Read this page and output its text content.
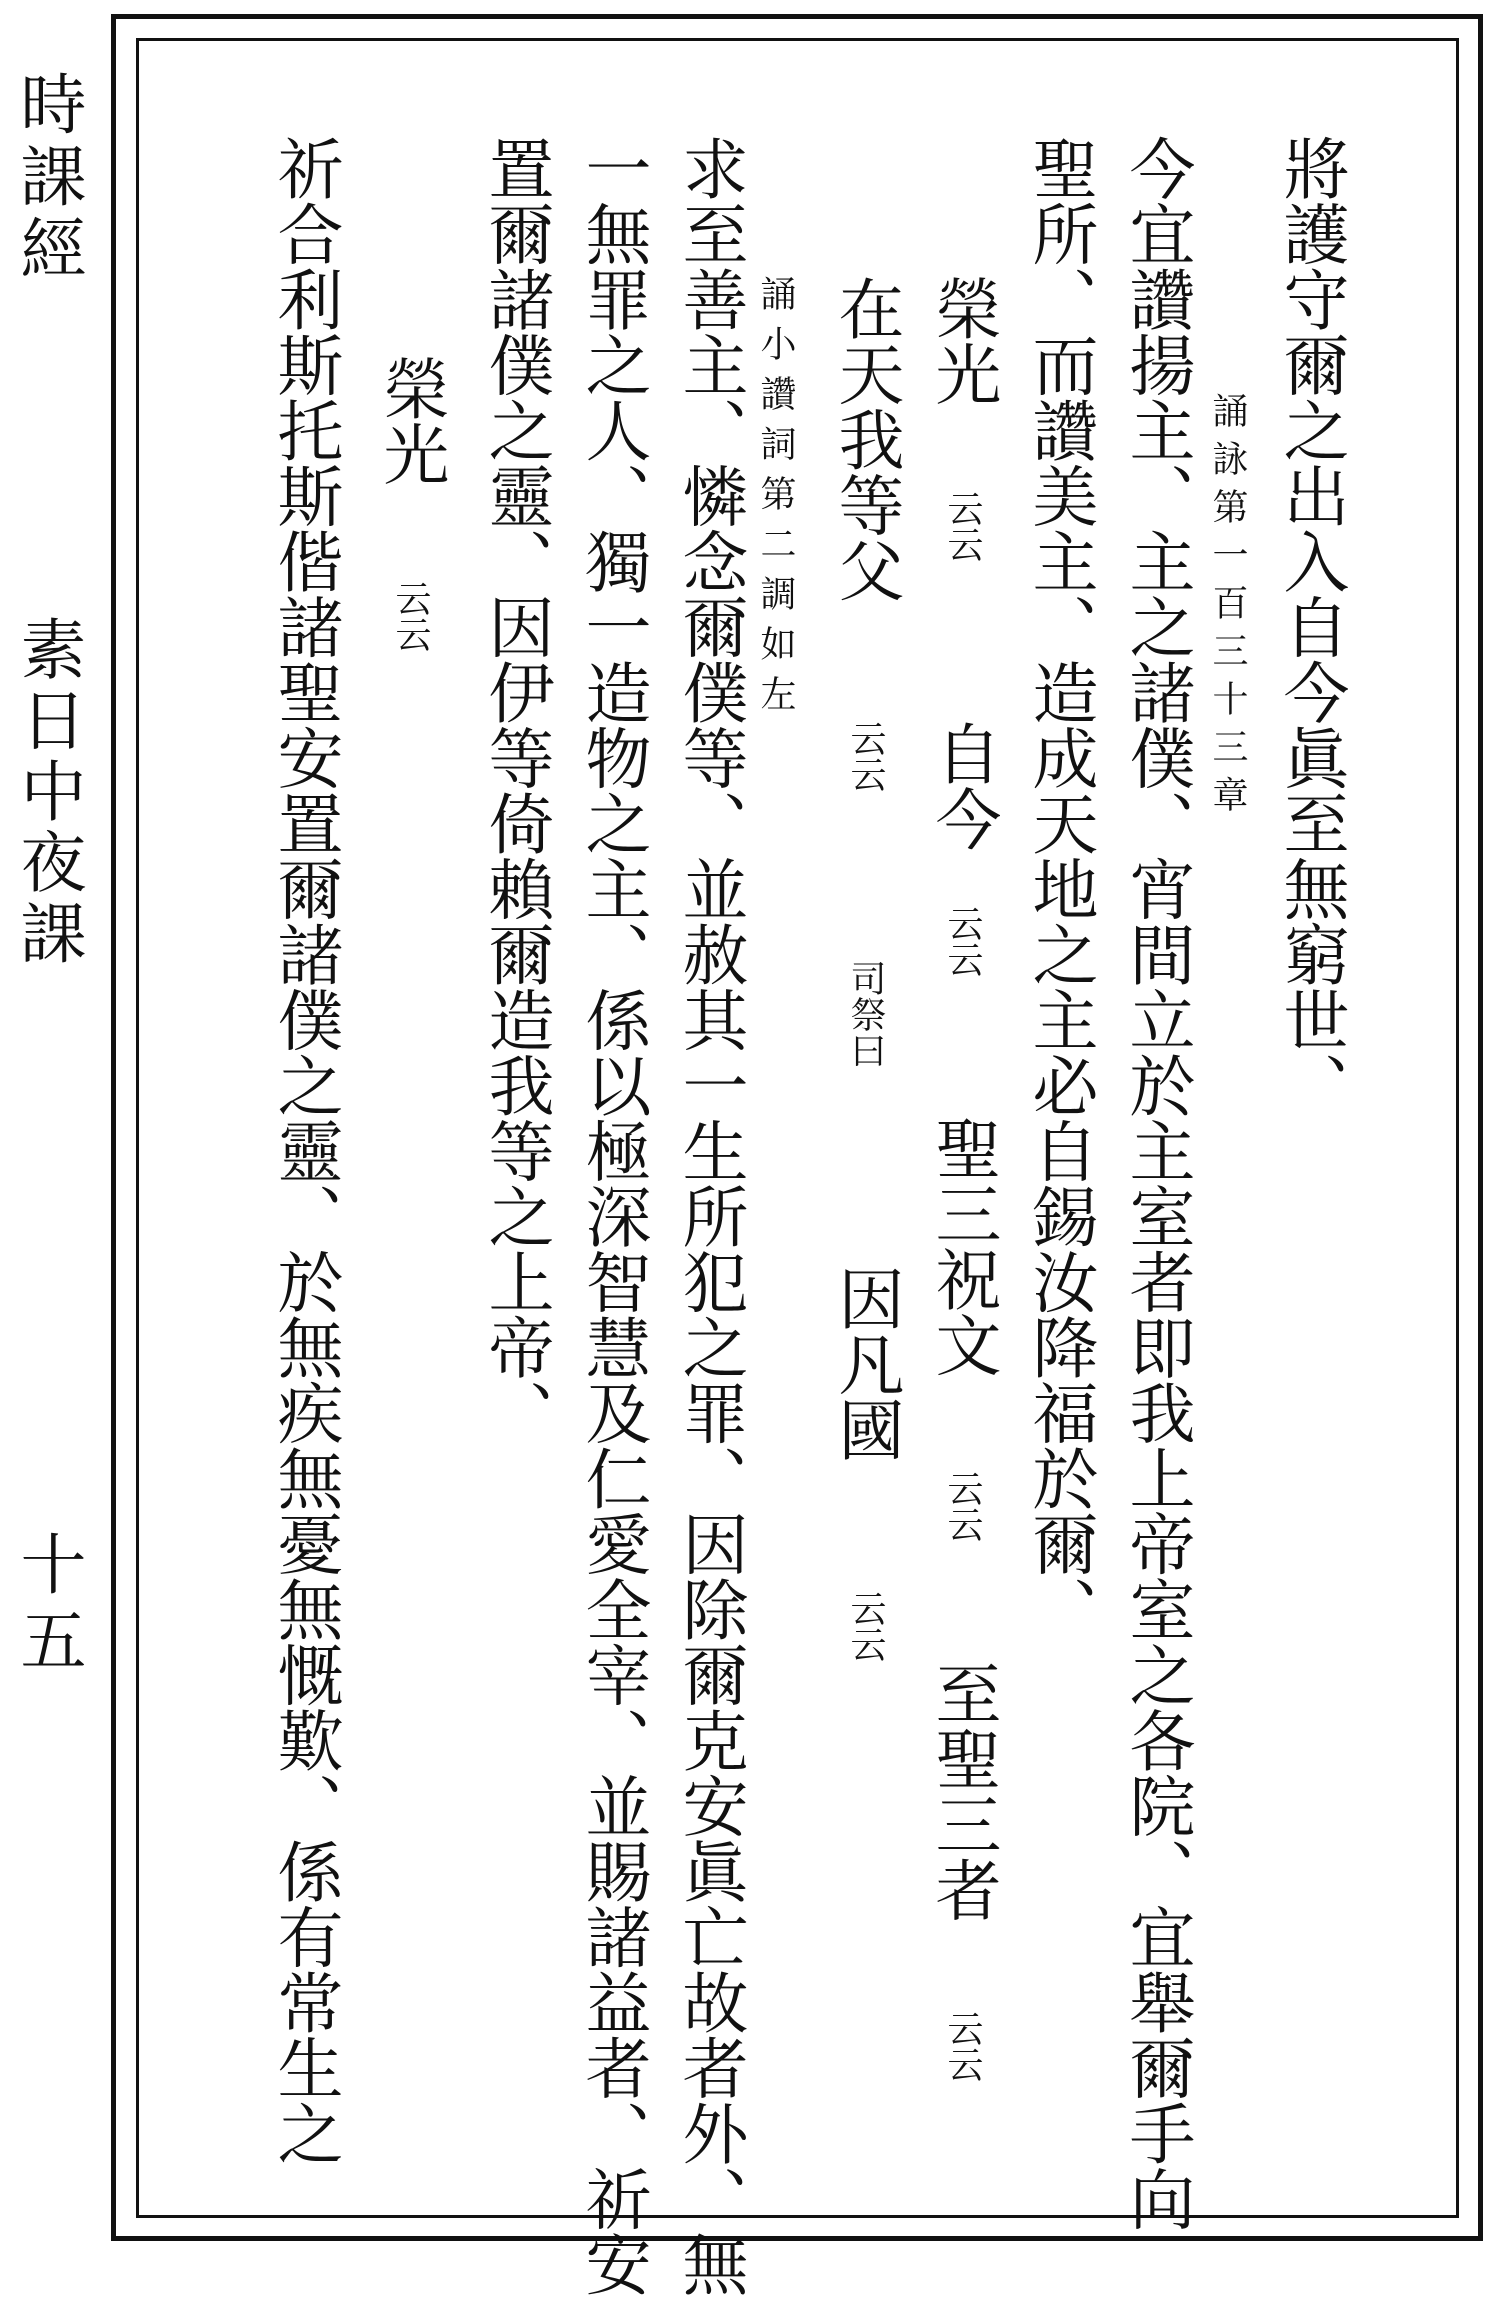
時課經
素日中夜課
十五
將護守爾之出入自今眞至無窮世、
誦詠第一百三十三章
今宜讚揚主、主之諸僕、宵間立於主室者即我上帝室之各院、宜舉爾手向
聖所、而讚美主、造成天地之主必自錫汝降福於爾、
榮光
云云
自今
云云
聖三祝文
云云
至聖三者
云云
在天我等父
云云
司祭曰
因凡國
云云
誦小讚詞第二調如左
求至善主、憐念爾僕等、並赦其一生所犯之罪、因除爾克安眞亡故者外、無
一無罪之人、獨一造物之主、係以極深智慧及仁愛全宰、並賜諸益者、祈安
置爾諸僕之靈、因伊等倚賴爾造我等之上帝、
榮光
云云
祈合利斯托斯偕諸聖安置爾諸僕之靈、於無疾無憂無慨歎、係有常生之
